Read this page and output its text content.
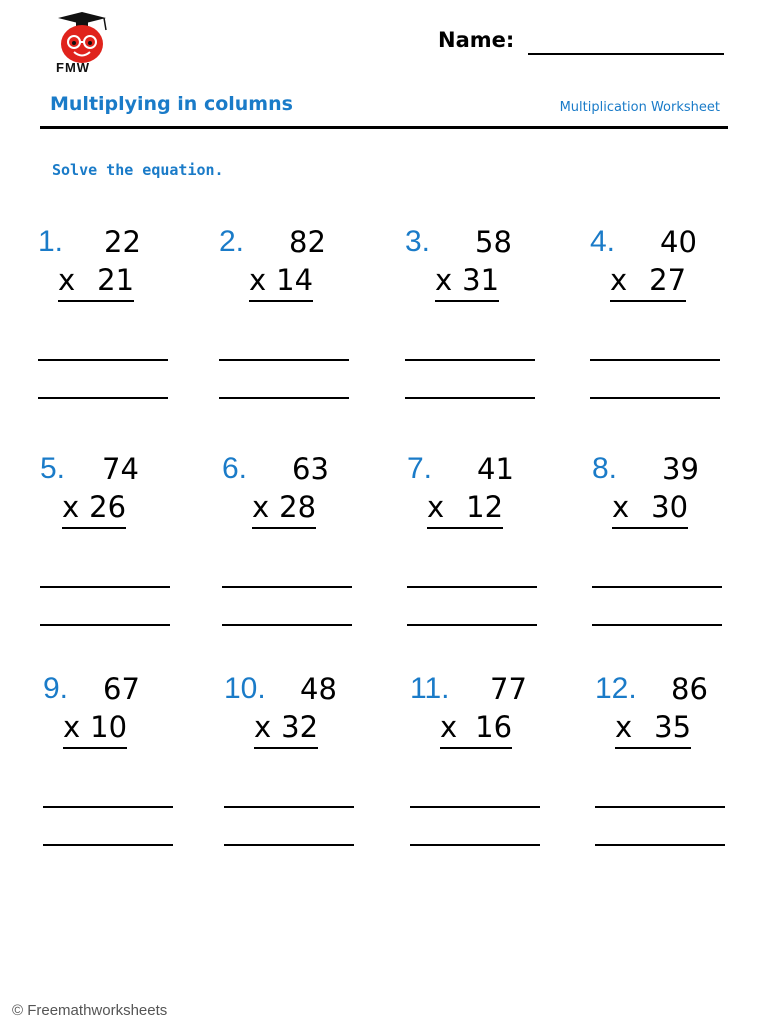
FMW
Name:
Multiplying in columns	Multiplication Worksheet
Solve the equation.
1. 22
x 21
2. 82
x 14
3. 58
x 31
4. 40
x 27
5. 74
x 26
6. 63
x 28
7. 41
x 12
8. 39
x 30
9. 67
x 10
10. 48
x 32
11. 77
x 16
12. 86
x 35
© Freemathworksheets
